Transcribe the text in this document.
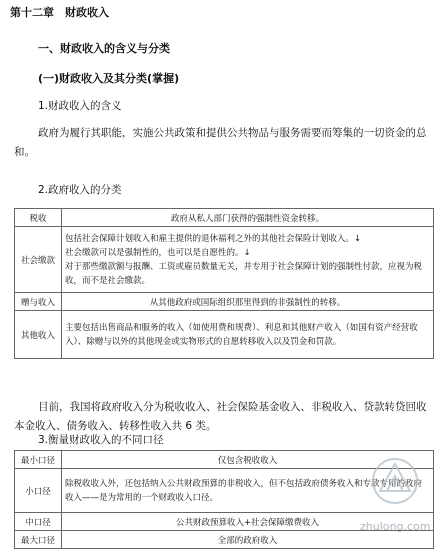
第十二章　财政收入
一、财政收入的含义与分类
(一)财政收入及其分类(掌握)
1.财政收入的含义
政府为履行其职能，实施公共政策和提供公共物品与服务需要而筹集的一切资金的总和。
2.政府收入的分类
税收	政府从私人部门获得的强制性资金转移。

社会缴款	包括社会保障计划收入和雇主提供的退休福利之外的其他社会保险计划收入。↓
社会缴款可以是强制性的，也可以是自愿性的。↓
对于那些缴款额与报酬、工资或雇员数量无关，并专用于社会保障计划的强制性付款，应视为税收，而不是社会缴款。

赠与收入	从其他政府或国际组织那里得到的非强制性的转移。

其他收入	主要包括出售商品和服务的收入（如使用费和规费）、利息和其他财产收入（如国有资产经营收入）、除赠与以外的其他现金或实物形式的自愿转移收入以及罚金和罚款。
目前，我国将政府收入分为税收收入、社会保险基金收入、非税收入、贷款转贷回收本金收入、债务收入、转移性收入共 6 类。
3.衡量财政收入的不同口径
最小口径	仅包含税收收入

小口径	除税收收入外，还包括纳入公共财政预算的非税收入，但不包括政府债务收入和专款专用的政府收入——是为常用的一个财政收入口径。

中口径	公共财政预算收入+社会保障缴费收入

最大口径	全部的政府收入
zhulong.com
